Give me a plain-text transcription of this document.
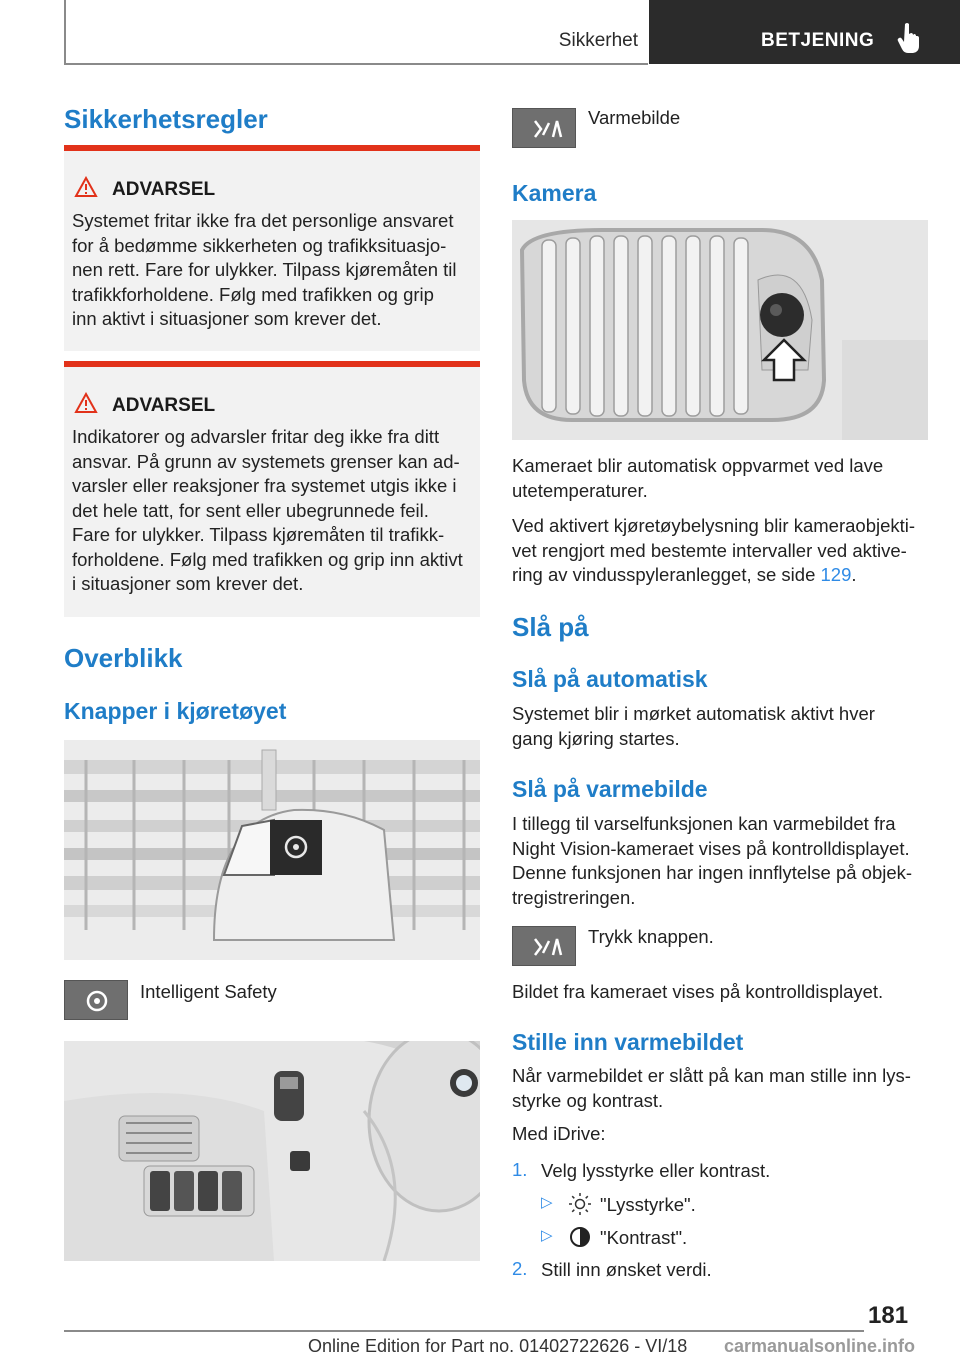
Sikkerhet	BETJENING
Sikkerhetsregler
ADVARSEL
Systemet fritar ikke fra det personlige ansvaret
for å bedømme sikkerheten og trafikksituasjo-
nen rett. Fare for ulykker. Tilpass kjøremåten til
trafikkforholdene. Følg med trafikken og grip
inn aktivt i situasjoner som krever det.
ADVARSEL
Indikatorer og advarsler fritar deg ikke fra ditt
ansvar. På grunn av systemets grenser kan ad-
varsler eller reaksjoner fra systemet utgis ikke i
det hele tatt, for sent eller ubegrunnede feil.
Fare for ulykker. Tilpass kjøremåten til trafikk-
forholdene. Følg med trafikken og grip inn aktivt
i situasjoner som krever det.
Overblikk
Knapper i kjøretøyet
Intelligent Safety
Varmebilde
Kamera
Kameraet blir automatisk oppvarmet ved lave
utetemperaturer.
Ved aktivert kjøretøybelysning blir kameraobjekti-
vet rengjort med bestemte intervaller ved aktive-
ring av vindusspyleranlegget, se side 129.
Slå på
Slå på automatisk
Systemet blir i mørket automatisk aktivt hver
gang kjøring startes.
Slå på varmebilde
I tillegg til varselfunksjonen kan varmebildet fra
Night Vision-kameraet vises på kontrolldisplayet.
Denne funksjonen har ingen innflytelse på objek-
tregistreringen.
Trykk knappen.
Bildet fra kameraet vises på kontrolldisplayet.
Stille inn varmebildet
Når varmebildet er slått på kan man stille inn lys-
styrke og kontrast.
Med iDrive:
1. Velg lysstyrke eller kontrast.
▷	"Lysstyrke".
▷	"Kontrast".
2. Still inn ønsket verdi.
181
Online Edition for Part no. 01402722626 - VI/18 carmanualsonline.info
